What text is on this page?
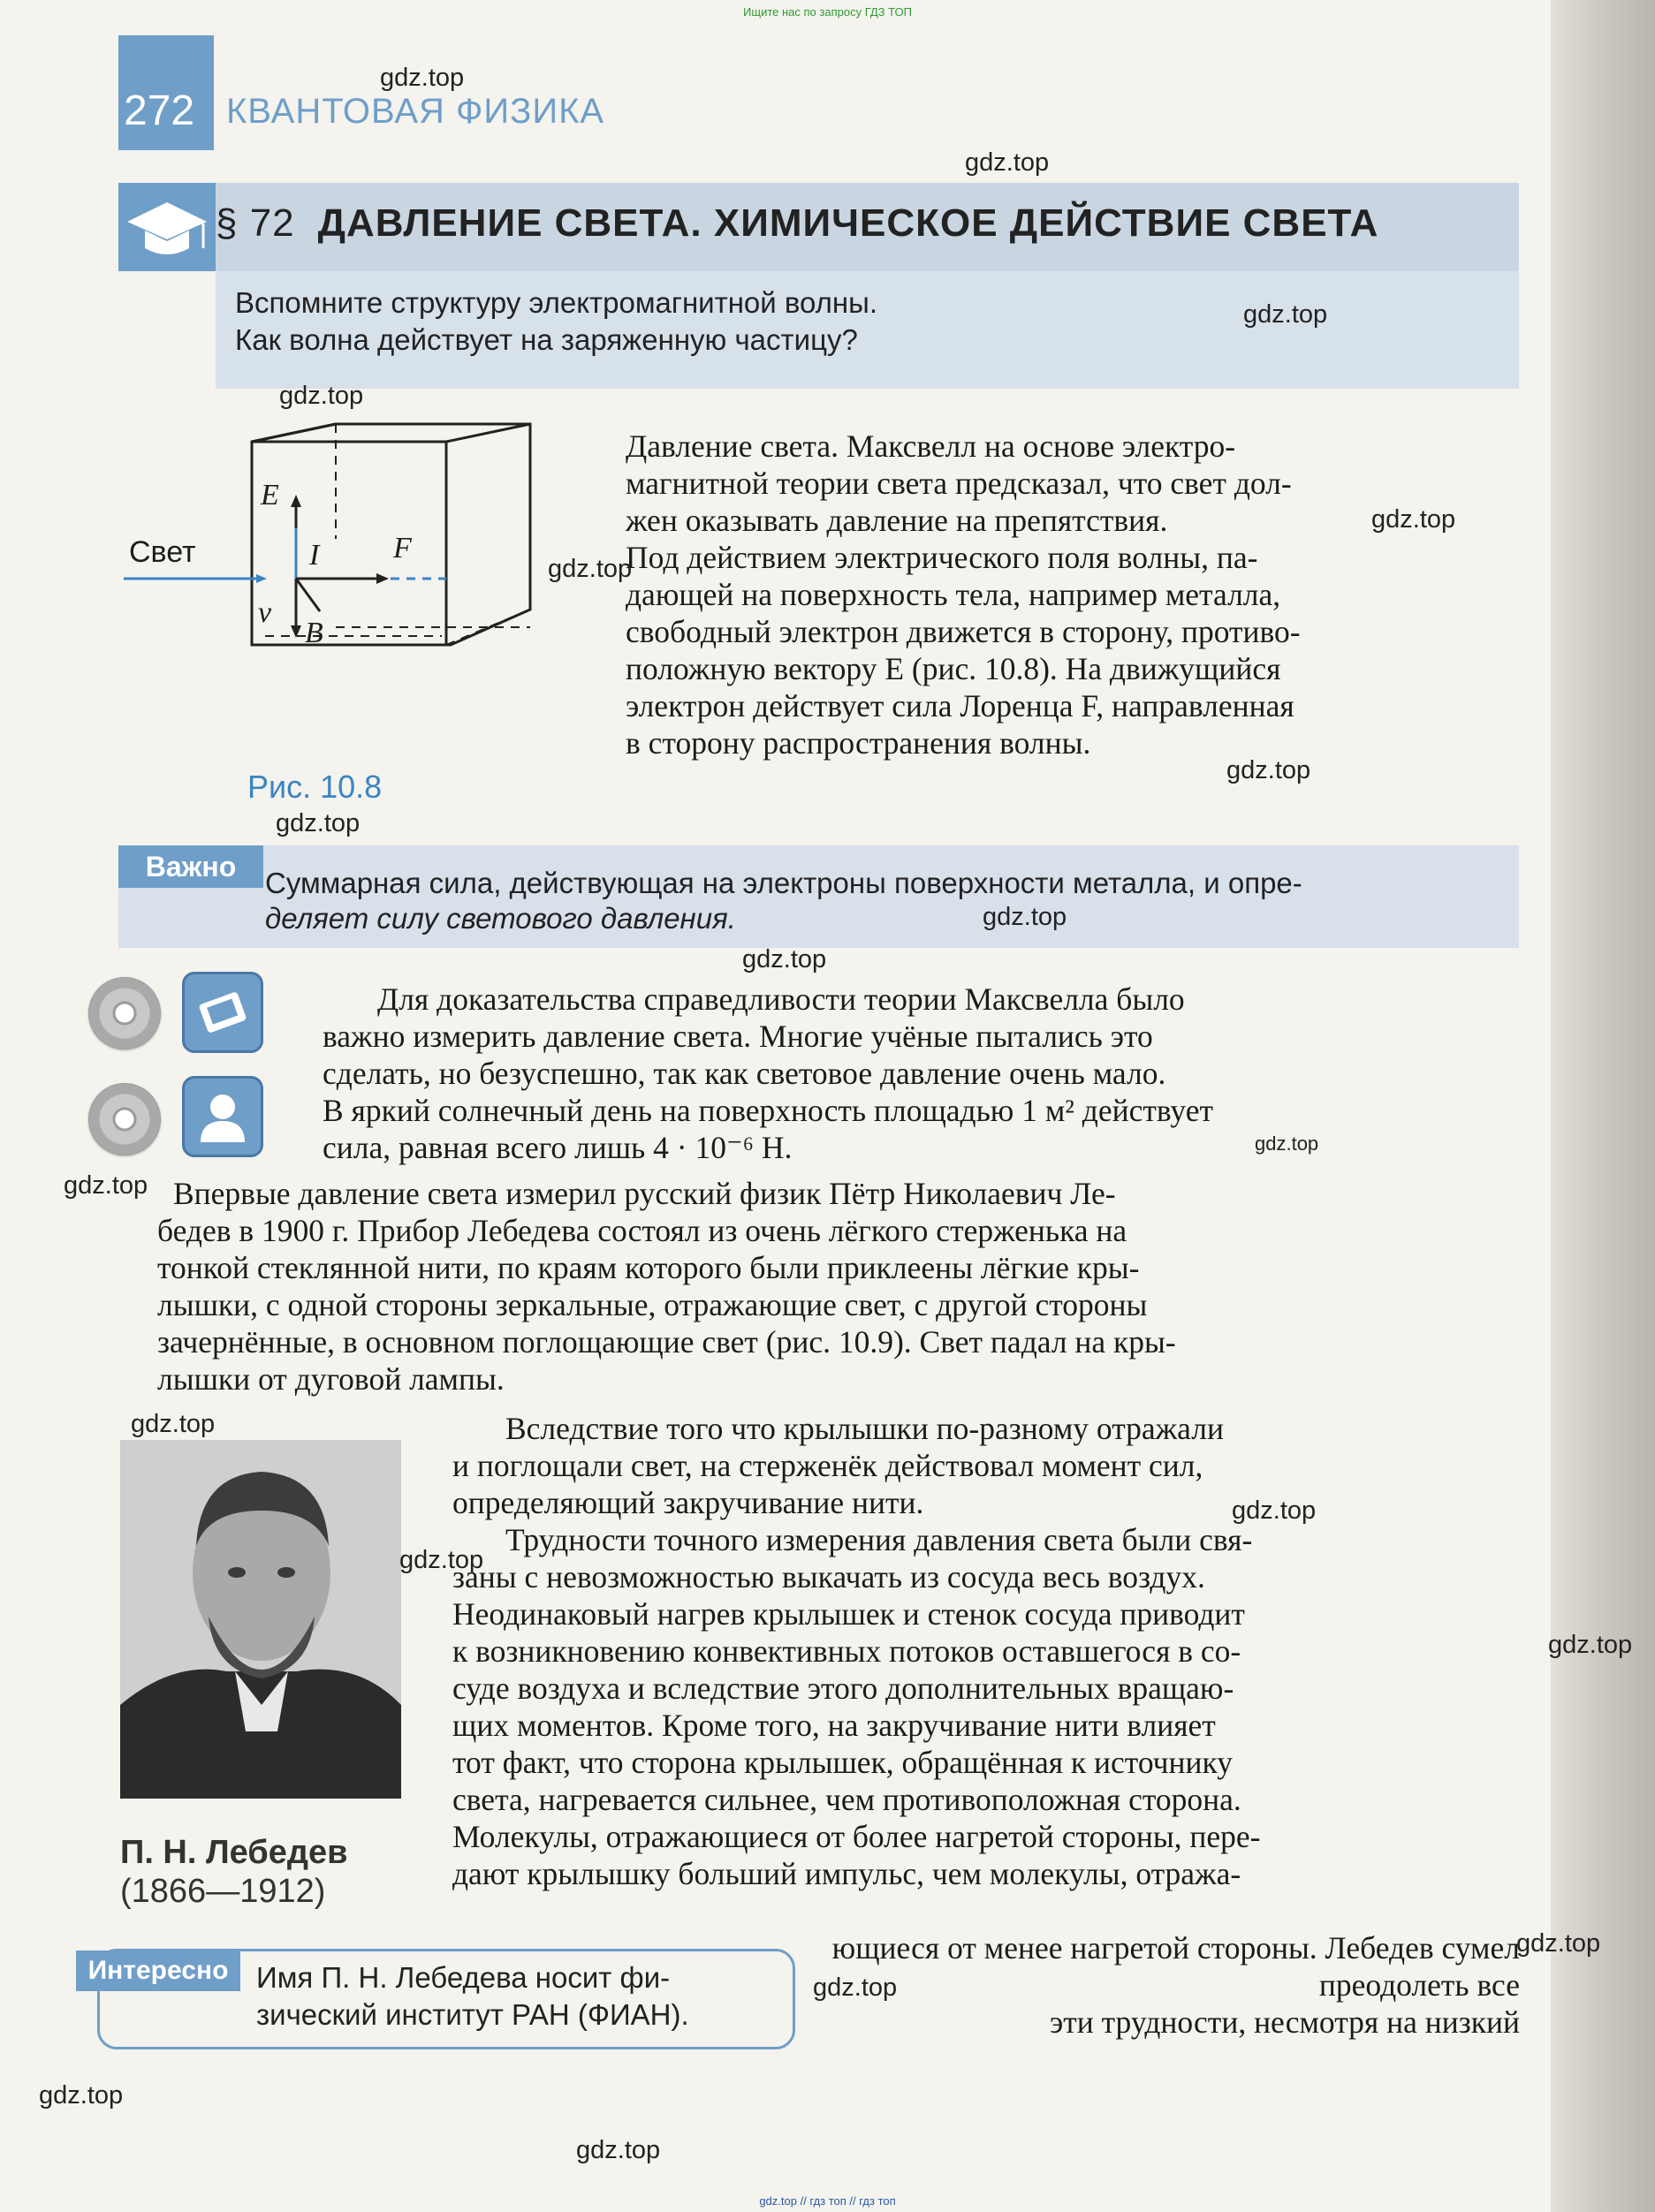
Ищите нас по запросу ГДЗ ТОП
gdz.top // гдз топ // гдз топ
272 КВАНТОВАЯ ФИЗИКА
§ 72 ДАВЛЕНИЕ СВЕТА. ХИМИЧЕСКОЕ ДЕЙСТВИЕ СВЕТА
Вспомните структуру электромагнитной волны.
Как волна действует на заряженную частицу?
Свет
E
I F
v
B
Рис. 10.8
Давление света. Максвелл на основе электро-
магнитной теории света предсказал, что свет дол-
жен оказывать давление на препятствия.
Под действием электрического поля волны, па-
дающей на поверхность тела, например металла,
свободный электрон движется в сторону, противо-
положную вектору E (рис. 10.8). На движущийся
электрон действует сила Лоренца F, направленная
в сторону распространения волны.
Важно Суммарная сила, действующая на электроны поверхности металла, и опре-
деляет силу светового давления.
Для доказательства справедливости теории Максвелла было
важно измерить давление света. Многие учёные пытались это
сделать, но безуспешно, так как световое давление очень мало.
В яркий солнечный день на поверхность площадью 1 м² действует
сила, равная всего лишь 4 · 10⁻⁶ Н.
Впервые давление света измерил русский физик Пётр Николаевич Ле-
бедев в 1900 г. Прибор Лебедева состоял из очень лёгкого стерженька на
тонкой стеклянной нити, по краям которого были приклеены лёгкие кры-
лышки, с одной стороны зеркальные, отражающие свет, с другой стороны
зачернённые, в основном поглощающие свет (рис. 10.9). Свет падал на кры-
лышки от дуговой лампы.
П. Н. Лебедев
(1866—1912)
Вследствие того что крылышки по-разному отражали
и поглощали свет, на стерженёк действовал момент сил,
определяющий закручивание нити.
Трудности точного измерения давления света были свя-
заны с невозможностью выкачать из сосуда весь воздух.
Неодинаковый нагрев крылышек и стенок сосуда приводит
к возникновению конвективных потоков оставшегося в со-
суде воздуха и вследствие этого дополнительных вращаю-
щих моментов. Кроме того, на закручивание нити влияет
тот факт, что сторона крылышек, обращённая к источнику
света, нагревается сильнее, чем противоположная сторона.
Молекулы, отражающиеся от более нагретой стороны, пере-
дают крылышку больший импульс, чем молекулы, отража-
ющиеся от менее нагретой стороны. Лебедев сумел преодолеть все
эти трудности, несмотря на низкий
Интересно Имя П. Н. Лебедева носит фи-
зический институт РАН (ФИАН).
gdz.top
gdz.top
gdz.top
gdz.top
gdz.top
gdz.top
gdz.top
gdz.top
gdz.top
gdz.top
gdz.top
gdz.top
gdz.top
gdz.top
gdz.top
gdz.top
gdz.top
gdz.top
gdz.top
gdz.top
